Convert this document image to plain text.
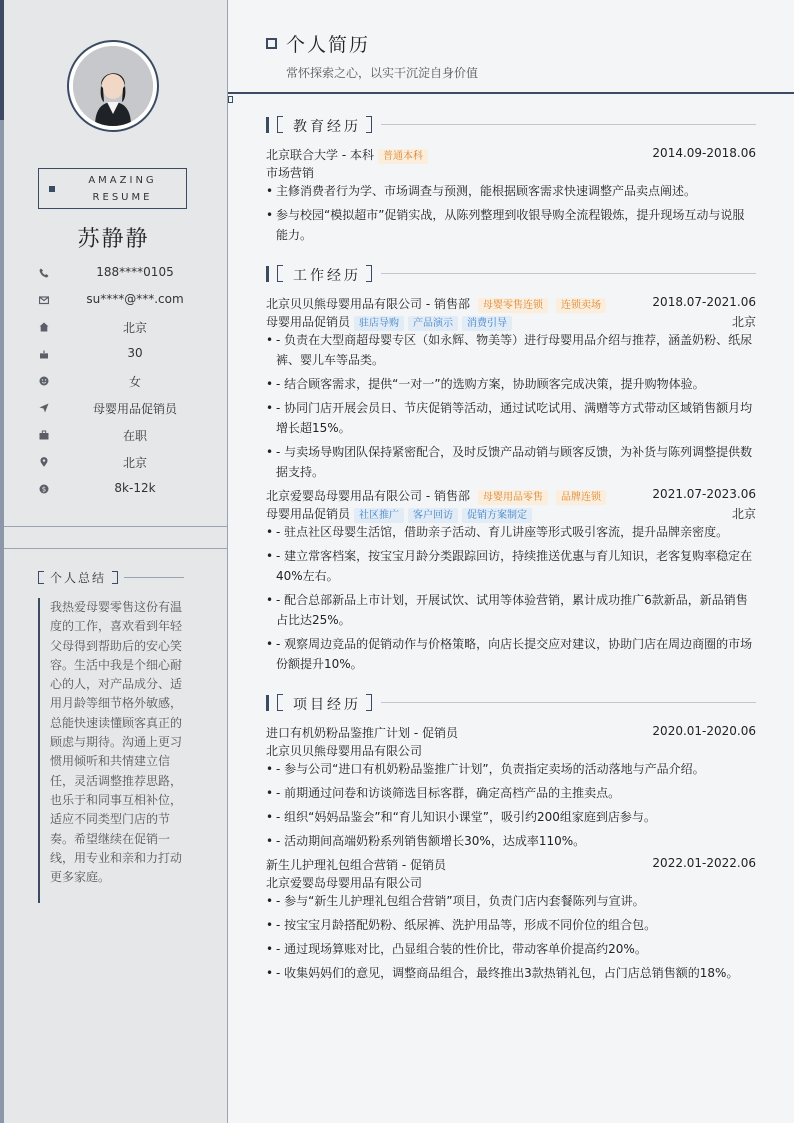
AMAZING
RESUME
苏静静
188****0105
su****@***.com
北京
30
女
母婴用品促销员
在职
北京
$	8k-12k
个人总结

我热爱母婴零售这份有温度的工作，喜欢看到年轻父母得到帮助后的安心笑容。生活中我是个细心耐心的人，对产品成分、适用月龄等细节格外敏感，总能快速读懂顾客真正的顾虑与期待。沟通上更习惯用倾听和共情建立信任，灵活调整推荐思路，也乐于和同事互相补位，适应不同类型门店的节奏。希望继续在促销一线，用专业和亲和力打动更多家庭。

个人简历
常怀探索之心，以实干沉淀自身价值
教育经历
北京联合大学 - 本科 普通本科	2014.09-2018.06
市场营销
• 主修消费者行为学、市场调查与预测，能根据顾客需求快速调整产品卖点阐述。
• 参与校园“模拟超市”促销实战，从陈列整理到收银导购全流程锻炼，提升现场互动与说服能力。
工作经历
北京贝贝熊母婴用品有限公司 - 销售部 母婴零售连锁 连锁卖场	2018.07-2021.06
母婴用品促销员 驻店导购 产品演示 消费引导	北京
• - 负责在大型商超母婴专区（如永辉、物美等）进行母婴用品介绍与推荐，涵盖奶粉、纸尿裤、婴儿车等品类。
• - 结合顾客需求，提供“一对一”的选购方案，协助顾客完成决策，提升购物体验。
• - 协同门店开展会员日、节庆促销等活动，通过试吃试用、满赠等方式带动区域销售额月均增长超15%。
• - 与卖场导购团队保持紧密配合，及时反馈产品动销与顾客反馈，为补货与陈列调整提供数据支持。
北京爱婴岛母婴用品有限公司 - 销售部 母婴用品零售 品牌连锁	2021.07-2023.06
母婴用品促销员 社区推广 客户回访 促销方案制定	北京
• - 驻点社区母婴生活馆，借助亲子活动、育儿讲座等形式吸引客流，提升品牌亲密度。
• - 建立常客档案，按宝宝月龄分类跟踪回访，持续推送优惠与育儿知识，老客复购率稳定在40%左右。
• - 配合总部新品上市计划，开展试饮、试用等体验营销，累计成功推广6款新品，新品销售占比达25%。
• - 观察周边竞品的促销动作与价格策略，向店长提交应对建议，协助门店在周边商圈的市场份额提升10%。
项目经历
进口有机奶粉品鉴推广计划 - 促销员	2020.01-2020.06
北京贝贝熊母婴用品有限公司
• - 参与公司“进口有机奶粉品鉴推广计划”，负责指定卖场的活动落地与产品介绍。
• - 前期通过问卷和访谈筛选目标客群，确定高档产品的主推卖点。
• - 组织“妈妈品鉴会”和“育儿知识小课堂”，吸引约200组家庭到店参与。
• - 活动期间高端奶粉系列销售额增长30%，达成率110%。
新生儿护理礼包组合营销 - 促销员	2022.01-2022.06
北京爱婴岛母婴用品有限公司
• - 参与“新生儿护理礼包组合营销”项目，负责门店内套餐陈列与宣讲。
• - 按宝宝月龄搭配奶粉、纸尿裤、洗护用品等，形成不同价位的组合包。
• - 通过现场算账对比，凸显组合装的性价比，带动客单价提高约20%。
• - 收集妈妈们的意见，调整商品组合，最终推出3款热销礼包，占门店总销售额的18%。
